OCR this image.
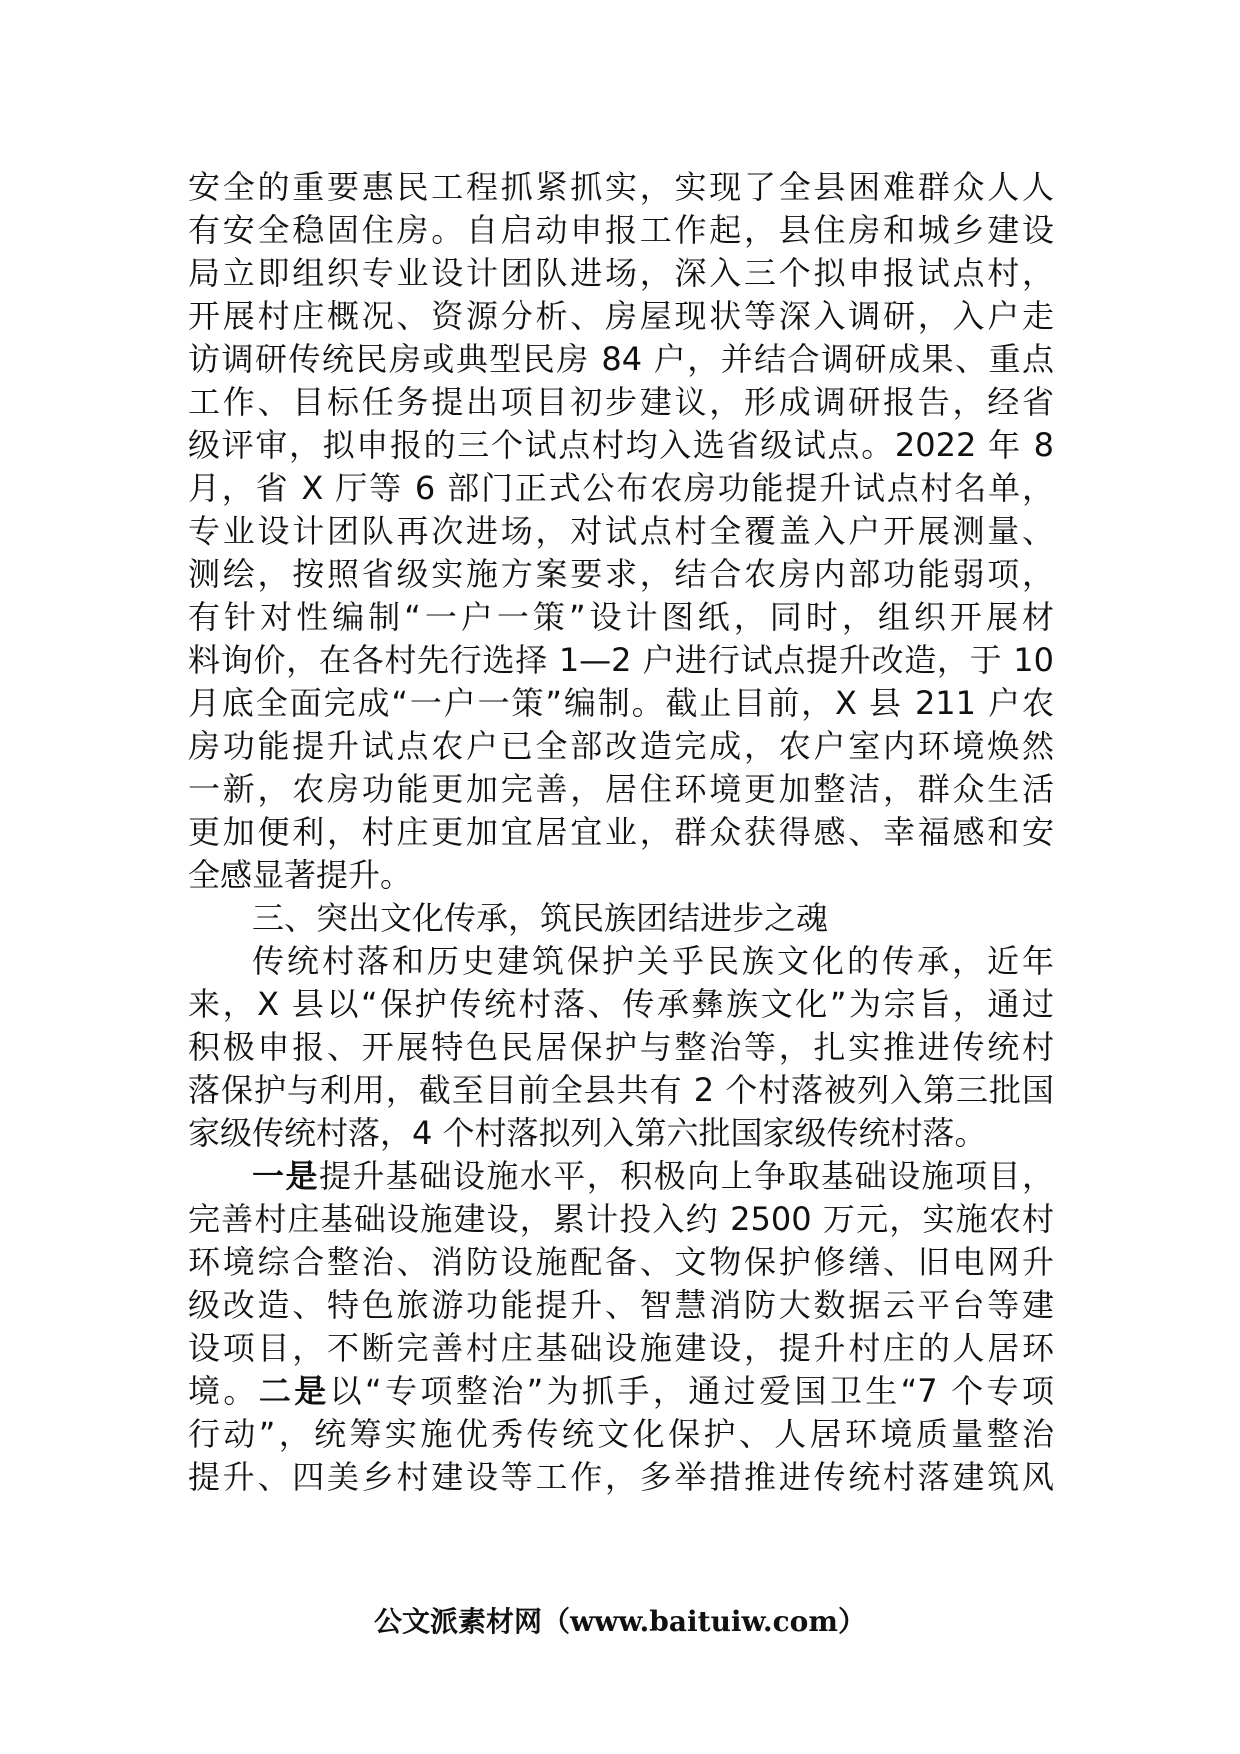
安全的重要惠民工程抓紧抓实，实现了全县困难群众人人
有安全稳固住房。自启动申报工作起，县住房和城乡建设
局立即组织专业设计团队进场，深入三个拟申报试点村，
开展村庄概况、资源分析、房屋现状等深入调研，入户走
访调研传统民房或典型民房 84 户，并结合调研成果、重点
工作、目标任务提出项目初步建议，形成调研报告，经省
级评审，拟申报的三个试点村均入选省级试点。2022 年 8
月，省 X 厅等 6 部门正式公布农房功能提升试点村名单，
专业设计团队再次进场，对试点村全覆盖入户开展测量、
测绘，按照省级实施方案要求，结合农房内部功能弱项，
有针对性编制“一户一策”设计图纸，同时，组织开展材
料询价，在各村先行选择 1—2 户进行试点提升改造，于 10
月底全面完成“一户一策”编制。截止目前，X 县 211 户农
房功能提升试点农户已全部改造完成，农户室内环境焕然
一新，农房功能更加完善，居住环境更加整洁，群众生活
更加便利，村庄更加宜居宜业，群众获得感、幸福感和安
全感显著提升。
三、突出文化传承，筑民族团结进步之魂
传统村落和历史建筑保护关乎民族文化的传承，近年
来，X 县以“保护传统村落、传承彝族文化”为宗旨，通过
积极申报、开展特色民居保护与整治等，扎实推进传统村
落保护与利用，截至目前全县共有 2 个村落被列入第三批国
家级传统村落，4 个村落拟列入第六批国家级传统村落。
一是提升基础设施水平，积极向上争取基础设施项目，
完善村庄基础设施建设，累计投入约 2500 万元，实施农村
环境综合整治、消防设施配备、文物保护修缮、旧电网升
级改造、特色旅游功能提升、智慧消防大数据云平台等建
设项目，不断完善村庄基础设施建设，提升村庄的人居环
境。二是以“专项整治”为抓手，通过爱国卫生“7 个专项
行动”，统筹实施优秀传统文化保护、人居环境质量整治
提升、四美乡村建设等工作，多举措推进传统村落建筑风
公文派素材网（www.baituiw.com）
